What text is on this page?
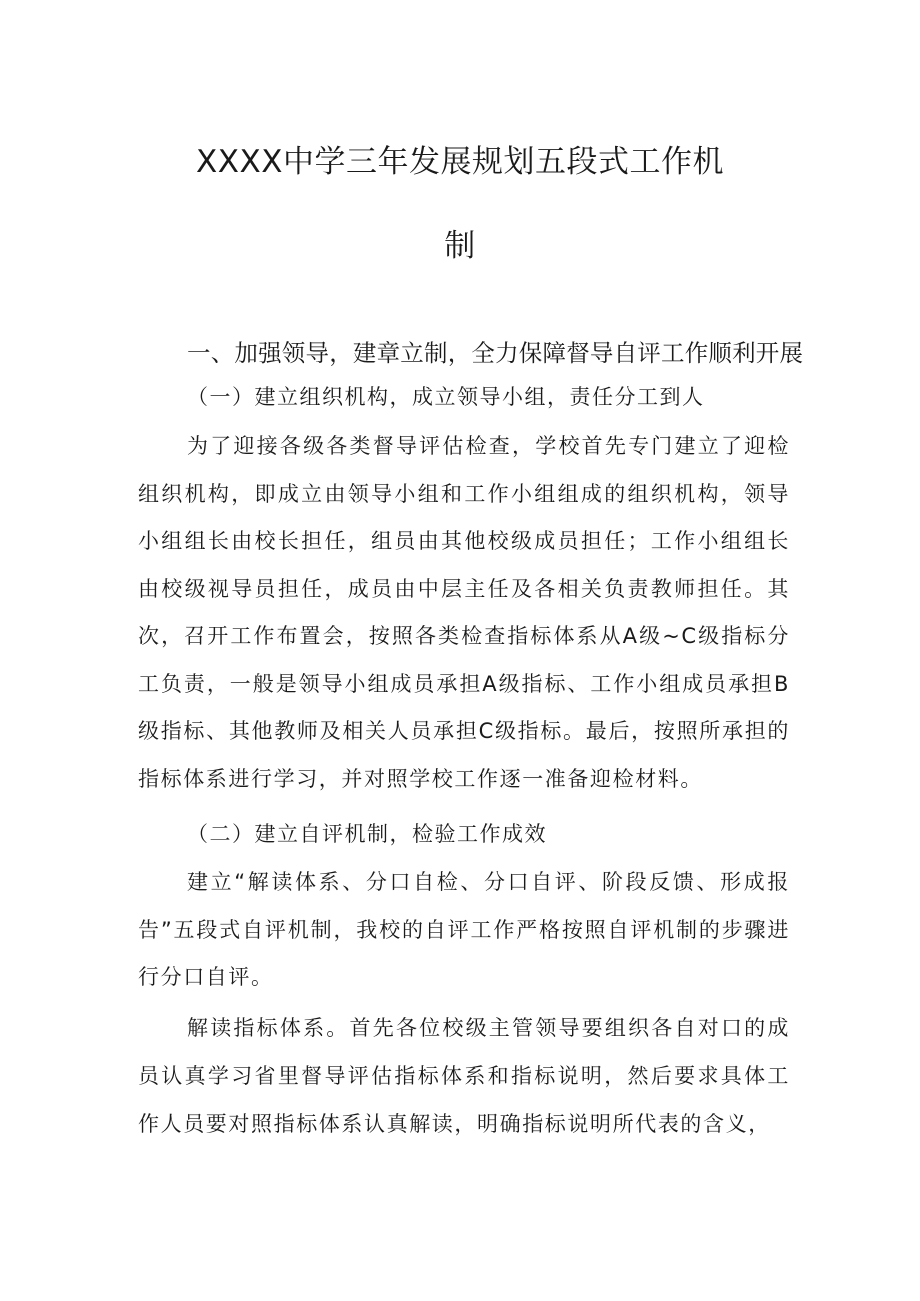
XXXX中学三年发展规划五段式工作机
制
一、加强领导，建章立制，全力保障督导自评工作顺利开展

（一）建立组织机构，成立领导小组，责任分工到人

为了迎接各级各类督导评估检查，学校首先专门建立了迎检组织机构，即成立由领导小组和工作小组组成的组织机构，领导小组组长由校长担任，组员由其他校级成员担任；工作小组组长由校级视导员担任，成员由中层主任及各相关负责教师担任。其次，召开工作布置会，按照各类检查指标体系从A级~C级指标分工负责，一般是领导小组成员承担A级指标、工作小组成员承担B级指标、其他教师及相关人员承担C级指标。最后，按照所承担的指标体系进行学习，并对照学校工作逐一准备迎检材料。

（二）建立自评机制，检验工作成效

建立“解读体系、分口自检、分口自评、阶段反馈、形成报告”五段式自评机制，我校的自评工作严格按照自评机制的步骤进行分口自评。

解读指标体系。首先各位校级主管领导要组织各自对口的成员认真学习省里督导评估指标体系和指标说明，然后要求具体工作人员要对照指标体系认真解读，明确指标说明所代表的含义，
